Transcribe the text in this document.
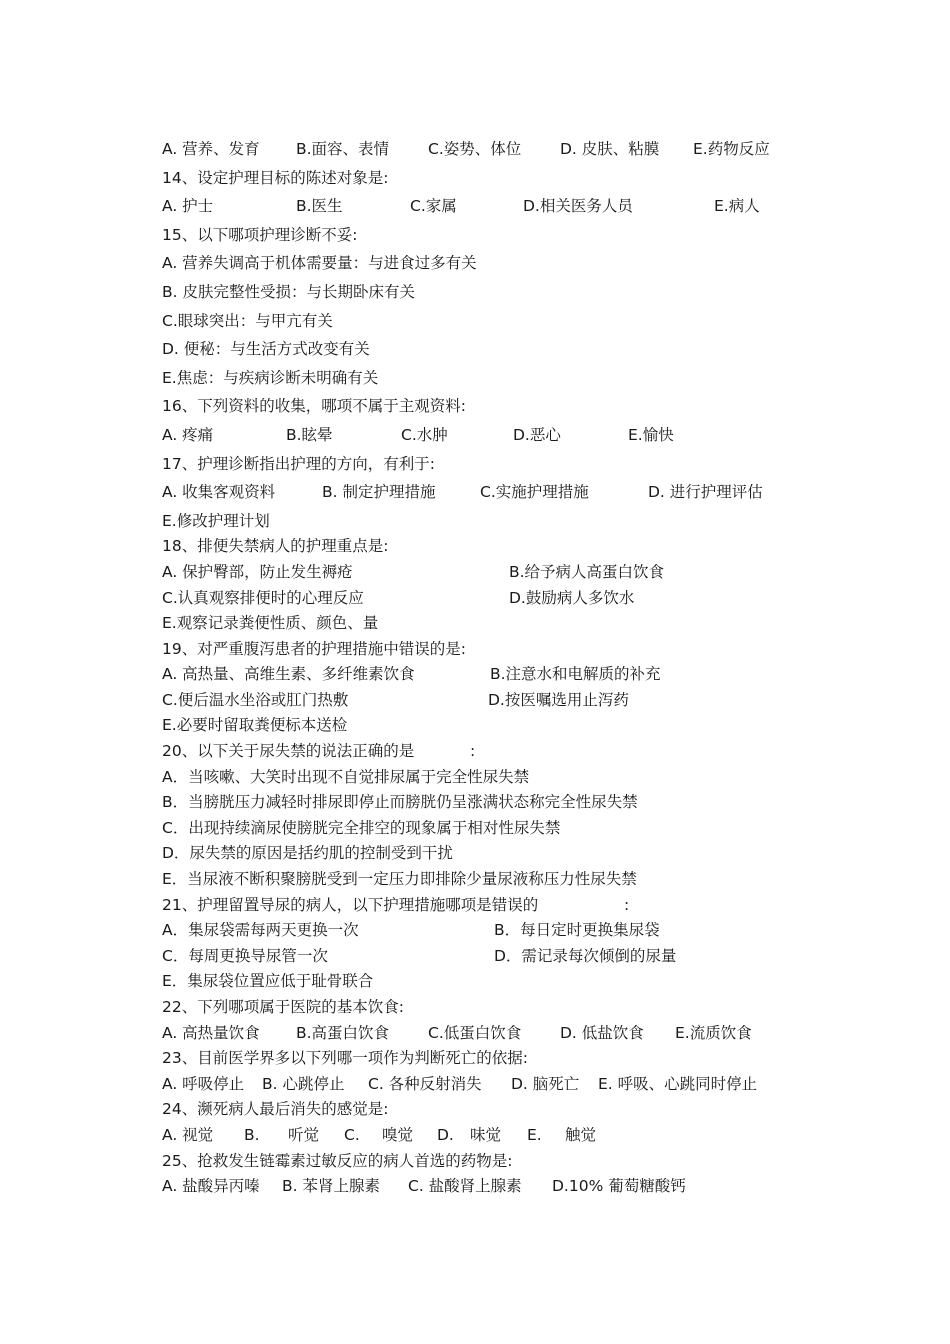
A. 营养、发育 B.面容、表情	C.姿势、体位 D. 皮肤、粘膜 E.药物反应
14、设定护理目标的陈述对象是:
A. 护士	B.医生	C.家属	D.相关医务人员	E.病人
15、以下哪项护理诊断不妥:
A. 营养失调高于机体需要量：与进食过多有关
B. 皮肤完整性受损：与长期卧床有关
C.眼球突出：与甲亢有关
D. 便秘：与生活方式改变有关
E.焦虑：与疾病诊断未明确有关
16、下列资料的收集，哪项不属于主观资料:
A. 疼痛	B.眩晕	C.水肿	D.恶心	E.愉快
17、护理诊断指出护理的方向，有利于:
A. 收集客观资料	B. 制定护理措施	C.实施护理措施	D. 进行护理评估
E.修改护理计划
18、排便失禁病人的护理重点是:
A. 保护臀部，防止发生褥疮	B.给予病人高蛋白饮食
C.认真观察排便时的心理反应	D.鼓励病人多饮水
E.观察记录粪便性质、颜色、量
19、对严重腹泻患者的护理措施中错误的是:
A. 高热量、高维生素、多纤维素饮食	B.注意水和电解质的补充
C.便后温水坐浴或肛门热敷	D.按医嘱选用止泻药
E.必要时留取粪便标本送检
20、以下关于尿失禁的说法正确的是	:
A．当咳嗽、大笑时出现不自觉排尿属于完全性尿失禁
B．当膀胱压力减轻时排尿即停止而膀胱仍呈涨满状态称完全性尿失禁
C．出现持续滴尿使膀胱完全排空的现象属于相对性尿失禁
D．尿失禁的原因是括约肌的控制受到干扰
E．当尿液不断积聚膀胱受到一定压力即排除少量尿液称压力性尿失禁
21、护理留置导尿的病人，以下护理措施哪项是错误的	:
A．集尿袋需每两天更换一次	B．每日定时更换集尿袋
C．每周更换导尿管一次	D．需记录每次倾倒的尿量
E．集尿袋位置应低于耻骨联合
22、下列哪项属于医院的基本饮食:
A. 高热量饮食 B.高蛋白饮食	C.低蛋白饮食 D. 低盐饮食 E.流质饮食
23、目前医学界多以下列哪一项作为判断死亡的依据:
A. 呼吸停止 B. 心跳停止 C. 各种反射消失 D. 脑死亡 E. 呼吸、心跳同时停止
24、濒死病人最后消失的感觉是:
A. 视觉 B. 听觉 C. 嗅觉 D. 味觉 E. 触觉
25、抢救发生链霉素过敏反应的病人首选的药物是:
A. 盐酸异丙嗪 B. 苯肾上腺素 C. 盐酸肾上腺素 D.10% 葡萄糖酸钙
